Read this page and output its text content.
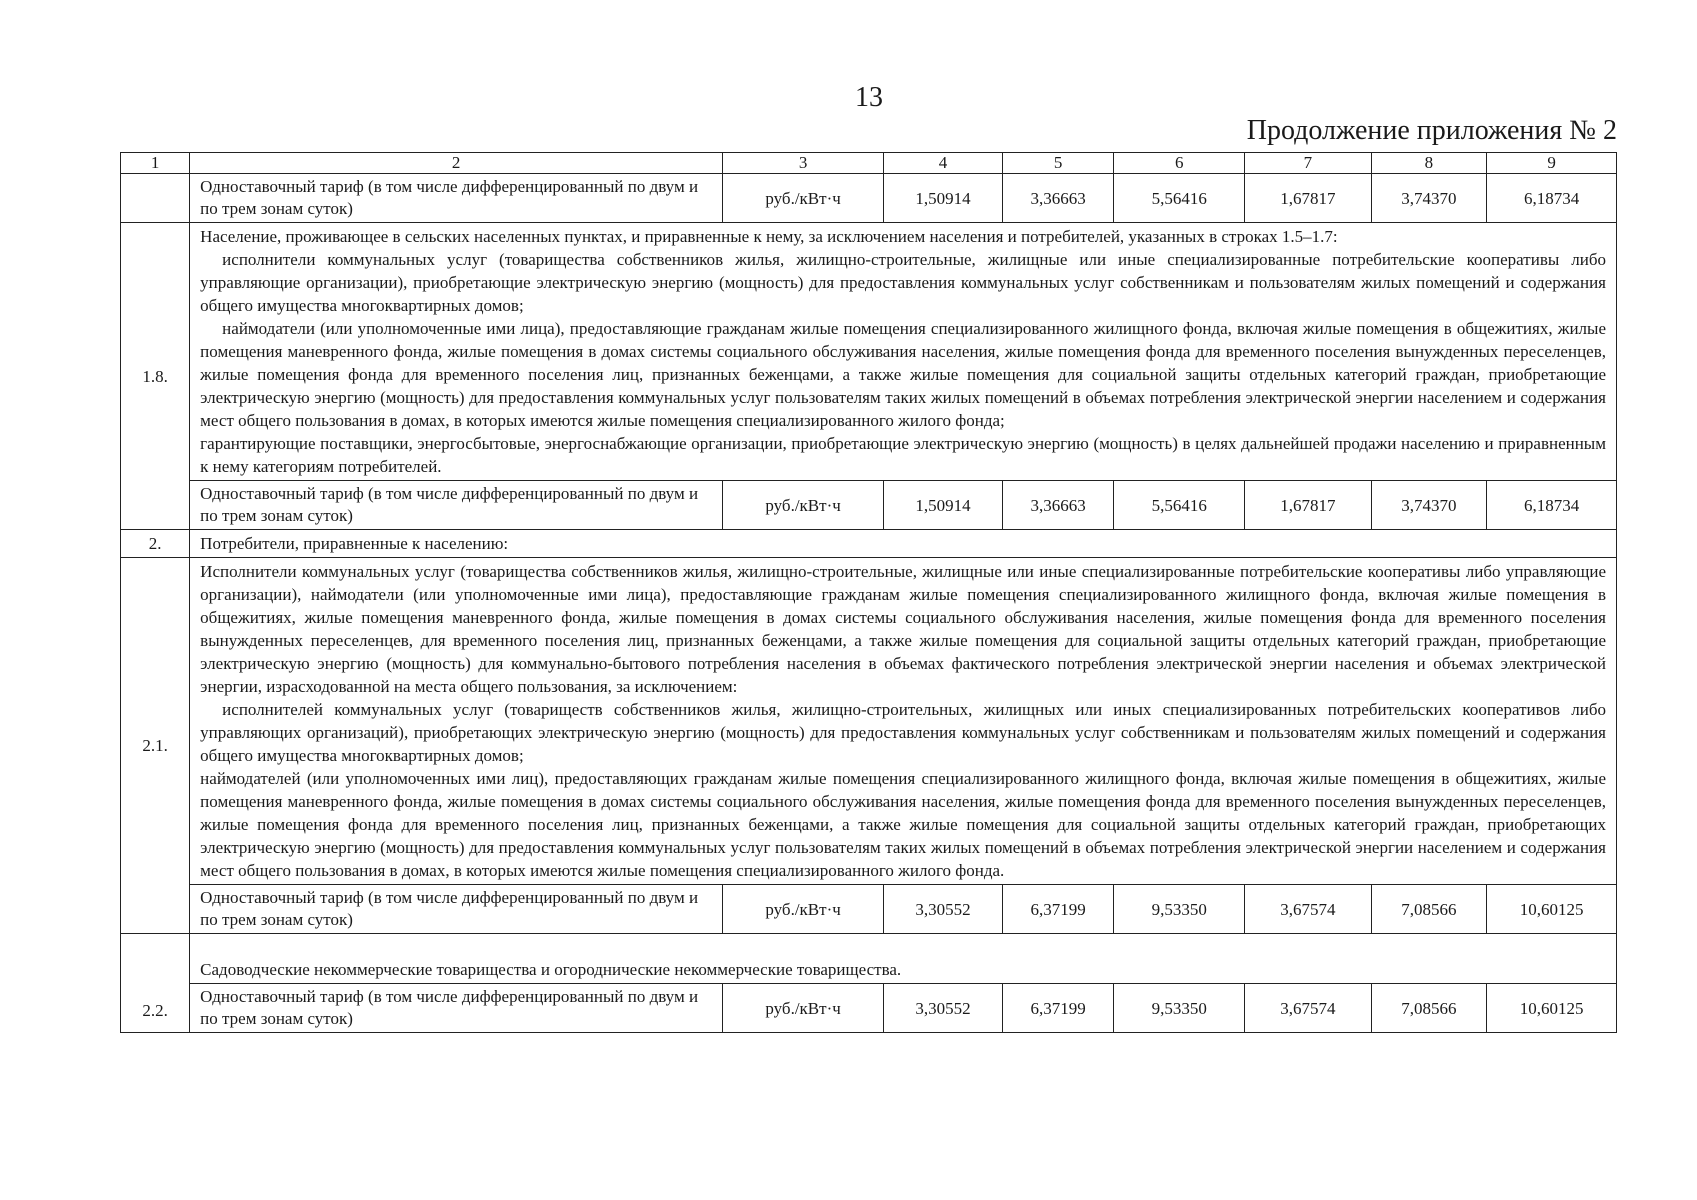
13
Продолжение приложения № 2
1	2	3	4	5	6	7	8	9
	Одноставочный тариф (в том числе дифференцированный по двум и по трем зонам суток)	руб./кВт·ч	1,50914	3,36663	5,56416	1,67817	3,74370	6,18734
1.8.	Население, проживающее в сельских населенных пунктах, и приравненные к нему, за исключением населения и потребителей, указанных в строках 1.5–1.7:
исполнители коммунальных услуг (товарищества собственников жилья, жилищно-строительные, жилищные или иные специализированные потребительские кооперативы либо управляющие организации), приобретающие электрическую энергию (мощность) для предоставления коммунальных услуг собственникам и пользователям жилых помещений и содержания общего имущества многоквартирных домов;
наймодатели (или уполномоченные ими лица), предоставляющие гражданам жилые помещения специализированного жилищного фонда, включая жилые помещения в общежитиях, жилые помещения маневренного фонда, жилые помещения в домах системы социального обслуживания населения, жилые помещения фонда для временного поселения вынужденных переселенцев, жилые помещения фонда для временного поселения лиц, признанных беженцами, а также жилые помещения для социальной защиты отдельных категорий граждан, приобретающие электрическую энергию (мощность) для предоставления коммунальных услуг пользователям таких жилых помещений в объемах потребления электрической энергии населением и содержания мест общего пользования в домах, в которых имеются жилые помещения специализированного жилого фонда;
гарантирующие поставщики, энергосбытовые, энергоснабжающие организации, приобретающие электрическую энергию (мощность) в целях дальнейшей продажи населению и приравненным к нему категориям потребителей.							

	Одноставочный тариф (в том числе дифференцированный по двум и по трем зонам суток)	руб./кВт·ч	1,50914	3,36663	5,56416	1,67817	3,74370	6,18734
2.	Потребители, приравненные к населению:							
2.1.	Исполнители коммунальных услуг (товарищества собственников жилья, жилищно-строительные, жилищные или иные специализированные потребительские кооперативы либо управляющие организации), наймодатели (или уполномоченные ими лица), предоставляющие гражданам жилые помещения специализированного жилищного фонда, включая жилые помещения в общежитиях, жилые помещения маневренного фонда, жилые помещения в домах системы социального обслуживания населения, жилые помещения фонда для временного поселения вынужденных переселенцев, для временного поселения лиц, признанных беженцами, а также жилые помещения для социальной защиты отдельных категорий граждан, приобретающие электрическую энергию (мощность) для коммунально-бытового потребления населения в объемах фактического потребления электрической энергии населения и объемах электрической энергии, израсходованной на места общего пользования, за исключением:
исполнителей коммунальных услуг (товариществ собственников жилья, жилищно-строительных, жилищных или иных специализированных потребительских кооперативов либо управляющих организаций), приобретающих электрическую энергию (мощность) для предоставления коммунальных услуг собственникам и пользователям жилых помещений и содержания общего имущества многоквартирных домов;
наймодателей (или уполномоченных ими лиц), предоставляющих гражданам жилые помещения специализированного жилищного фонда, включая жилые помещения в общежитиях, жилые помещения маневренного фонда, жилые помещения в домах системы социального обслуживания населения, жилые помещения фонда для временного поселения вынужденных переселенцев, жилые помещения фонда для временного поселения лиц, признанных беженцами, а также жилые помещения для социальной защиты отдельных категорий граждан, приобретающих электрическую энергию (мощность) для предоставления коммунальных услуг пользователям таких жилых помещений в объемах потребления электрической энергии населением и содержания мест общего пользования в домах, в которых имеются жилые помещения специализированного жилого фонда.							

	Одноставочный тариф (в том числе дифференцированный по двум и по трем зонам суток)	руб./кВт·ч	3,30552	6,37199	9,53350	3,67574	7,08566	10,60125
2.2.	Садоводческие некоммерческие товарищества и огороднические некоммерческие товарищества.							
	Одноставочный тариф (в том числе дифференцированный по двум и по трем зонам суток)	руб./кВт·ч	3,30552	6,37199	9,53350	3,67574	7,08566	10,60125
